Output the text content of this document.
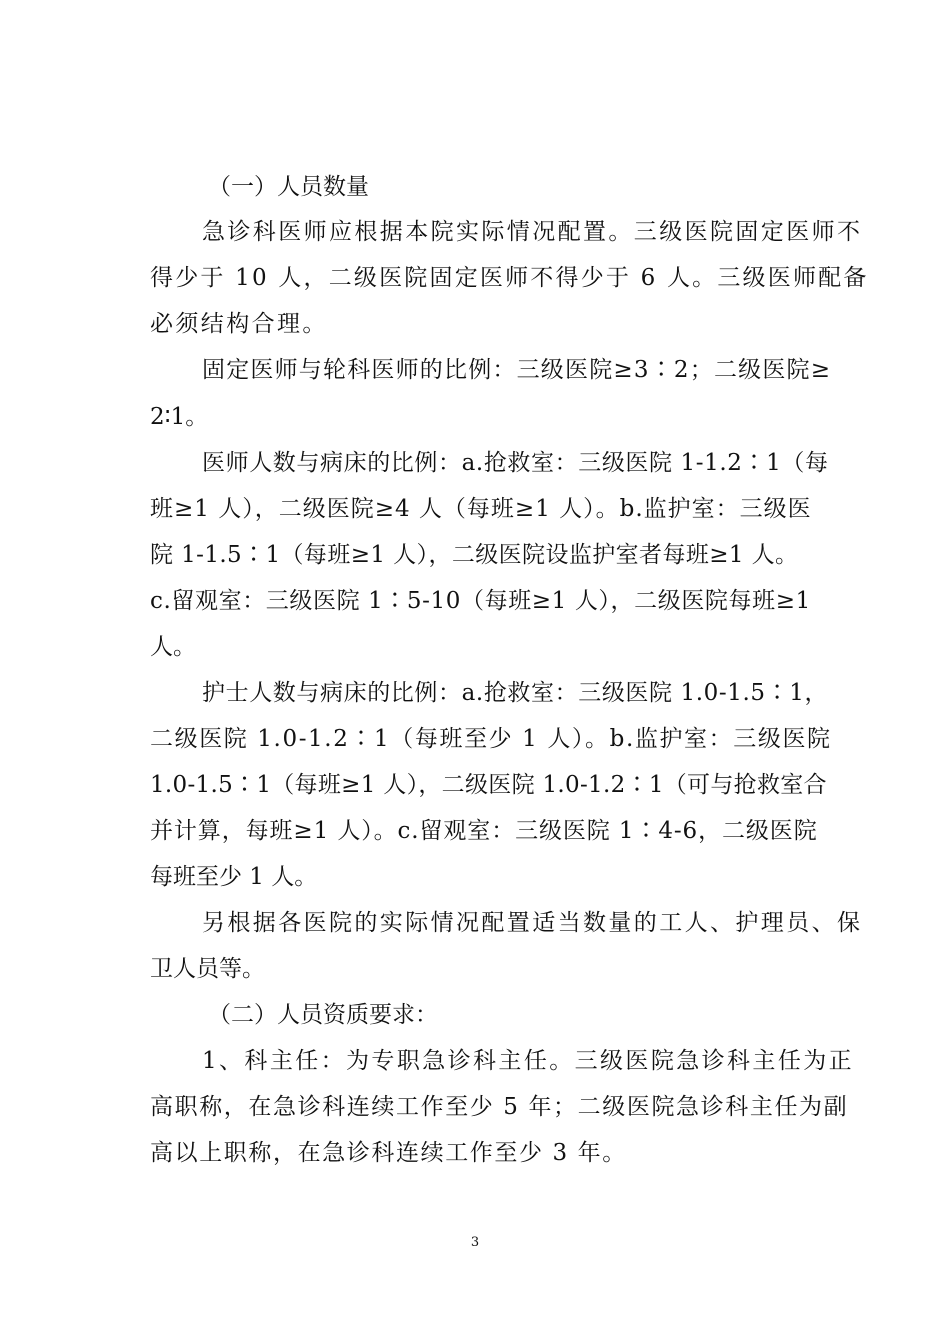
（一）人员数量
急诊科医师应根据本院实际情况配置。三级医院固定医师不
得少于 10 人，二级医院固定医师不得少于 6 人。三级医师配备
必须结构合理。
固定医师与轮科医师的比例：三级医院≥3∶2；二级医院≥
2∶1。
医师人数与病床的比例：a.抢救室：三级医院 1-1.2∶1（每
班≥1 人），二级医院≥4 人（每班≥1 人）。b.监护室：三级医
院 1-1.5∶1（每班≥1 人），二级医院设监护室者每班≥1 人。
c.留观室：三级医院 1∶5-10（每班≥1 人），二级医院每班≥1
人。
护士人数与病床的比例：a.抢救室：三级医院 1.0-1.5∶1，
二级医院 1.0-1.2∶1（每班至少 1 人）。b.监护室：三级医院
1.0-1.5∶1（每班≥1 人），二级医院 1.0-1.2∶1（可与抢救室合
并计算，每班≥1 人）。c.留观室：三级医院 1∶4-6，二级医院
每班至少 1 人。
另根据各医院的实际情况配置适当数量的工人、护理员、保
卫人员等。
（二）人员资质要求：
1、科主任：为专职急诊科主任。三级医院急诊科主任为正
高职称，在急诊科连续工作至少 5 年；二级医院急诊科主任为副
高以上职称，在急诊科连续工作至少 3 年。
3
